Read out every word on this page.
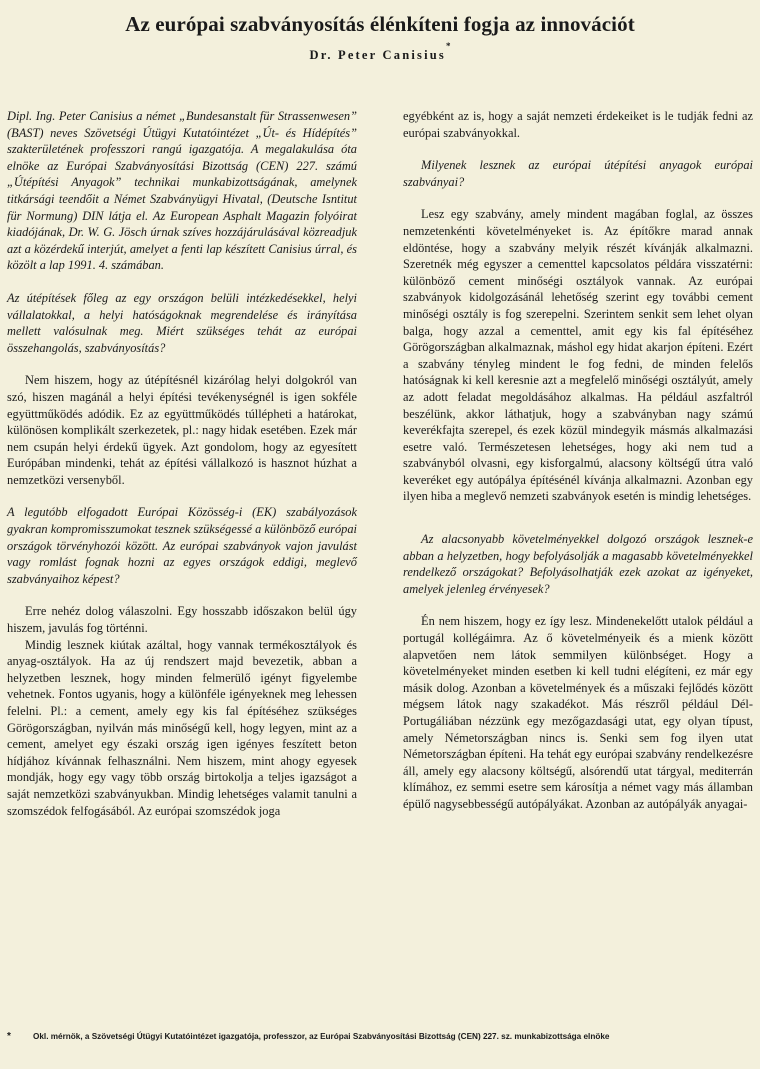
Az európai szabványosítás élénkíteni fogja az innovációt
Dr. Peter Canisius*

Dipl. Ing. Peter Canisius a német „Bundesanstalt für Strassenwesen” (BAST) neves Szövetségi Útügyi Kutatóintézet „Út- és Hídépítés” szakterületének professzori rangú igazgatója. A megalakulása óta elnöke az Európai Szabványosítási Bizottság (CEN) 227. számú „Útépítési Anyagok” technikai munkabizottságának, amelynek titkársági teendőit a Német Szabványügyi Hivatal, (Deutsche Isntitut für Normung) DIN látja el. Az European Asphalt Magazin folyóirat kiadójának, Dr. W. G. Jösch úrnak szíves hozzájárulásával közreadjuk azt a közérdekű interjút, amelyet a fenti lap készített Canisius úrral, és közölt a lap 1991. 4. számában.

Az útépítések főleg az egy országon belüli intézkedésekkel, helyi vállalatokkal, a helyi hatóságoknak megrendelése és irányítása mellett valósulnak meg. Miért szükséges tehát az európai összehangolás, szabványosítás?

Nem hiszem, hogy az útépítésnél kizárólag helyi dolgokról van szó, hiszen magánál a helyi építési tevékenységnél is igen sokféle együttműködés adódik. Ez az együttműködés túllépheti a határokat, különösen komplikált szerkezetek, pl.: nagy hidak esetében. Ezek már nem csupán helyi érdekű ügyek. Azt gondolom, hogy az egyesített Európában mindenki, tehát az építési vállalkozó is hasznot húzhat a nemzetközi versenyből.

A legutóbb elfogadott Európai Közösség-i (EK) szabályozások gyakran kompromisszumokat tesznek szükségessé a különböző európai országok törvényhozói között. Az európai szabványok vajon javulást vagy romlást fognak hozni az egyes országok eddigi, meglevő szabványaihoz képest?

Erre nehéz dolog válaszolni. Egy hosszabb időszakon belül úgy hiszem, javulás fog történni.

Mindig lesznek kiútak azáltal, hogy vannak termékosztályok és anyag-osztályok. Ha az új rendszert majd bevezetik, abban a helyzetben lesznek, hogy minden felmerülő igényt figyelembe vehetnek. Fontos ugyanis, hogy a különféle igényeknek meg lehessen felelni. Pl.: a cement, amely egy kis fal építéséhez szükséges Görögországban, nyilván más minőségű kell, hogy legyen, mint az a cement, amelyet egy északi ország igen igényes feszített beton hídjához kívánnak felhasználni. Nem hiszem, mint ahogy egyesek mondják, hogy egy vagy több ország birtokolja a teljes igazságot a saját nemzetközi szabványukban. Mindig lehetséges valamit tanulni a szomszédok felfogásából. Az európai szomszédok joga

egyébként az is, hogy a saját nemzeti érdekeiket is le tudják fedni az európai szabványokkal.

Milyenek lesznek az európai útépítési anyagok európai szabványai?

Lesz egy szabvány, amely mindent magában foglal, az összes nemzetenkénti követelményeket is. Az építőkre marad annak eldöntése, hogy a szabvány melyik részét kívánják alkalmazni. Szeretnék még egyszer a cementtel kapcsolatos példára visszatérni: különböző cement minőségi osztályok vannak. Az európai szabványok kidolgozásánál lehetőség szerint egy további cement minőségi osztály is fog szerepelni. Szerintem senkit sem lehet olyan balga, hogy azzal a cementtel, amit egy kis fal építéséhez Görögországban alkalmaznak, máshol egy hidat akarjon építeni. Ezért a szabvány tényleg mindent le fog fedni, de minden felelős hatóságnak ki kell keresnie azt a megfelelő minőségi osztályút, amely az adott feladat megoldásához alkalmas. Ha például aszfaltról beszélünk, akkor láthatjuk, hogy a szabványban nagy számú keverékfajta szerepel, és ezek közül mindegyik másmás alkalmazási esetre való. Természetesen lehetséges, hogy aki nem tud a szabványból olvasni, egy kisforgalmú, alacsony költségű útra való keveréket egy autópálya építésénél kívánja alkalmazni. Azonban egy ilyen hiba a meglevő nemzeti szabványok esetén is mindig lehetséges.

Az alacsonyabb követelményekkel dolgozó országok lesznek-e abban a helyzetben, hogy befolyásolják a magasabb követelményekkel rendelkező országokat? Befolyásolhatják ezek azokat az igényeket, amelyek jelenleg érvényesek?

Én nem hiszem, hogy ez így lesz. Mindenekelőtt utalok például a portugál kollégáimra. Az ő követelményeik és a mienk között alapvetően nem látok semmilyen különbséget. Hogy a követelményeket minden esetben ki kell tudni elégíteni, ez már egy másik dolog. Azonban a követelmények és a műszaki fejlődés között mégsem látok nagy szakadékot. Más részről például Dél-Portugáliában nézzünk egy mezőgazdasági utat, egy olyan típust, amely Németországban nincs is. Senki sem fog ilyen utat Németországban építeni. Ha tehát egy európai szabvány rendelkezésre áll, amely egy alacsony költségű, alsórendű utat tárgyal, mediterrán klímához, ez semmi esetre sem károsítja a német vagy más államban épülő nagysebbességű autópályákat. Azonban az autópályák anyagai-

*	Okl. mérnök, a Szövetségi Útügyi Kutatóintézet igazgatója, professzor, az Európai Szabványosítási Bizottság (CEN) 227. sz. munkabizottsága elnöke
